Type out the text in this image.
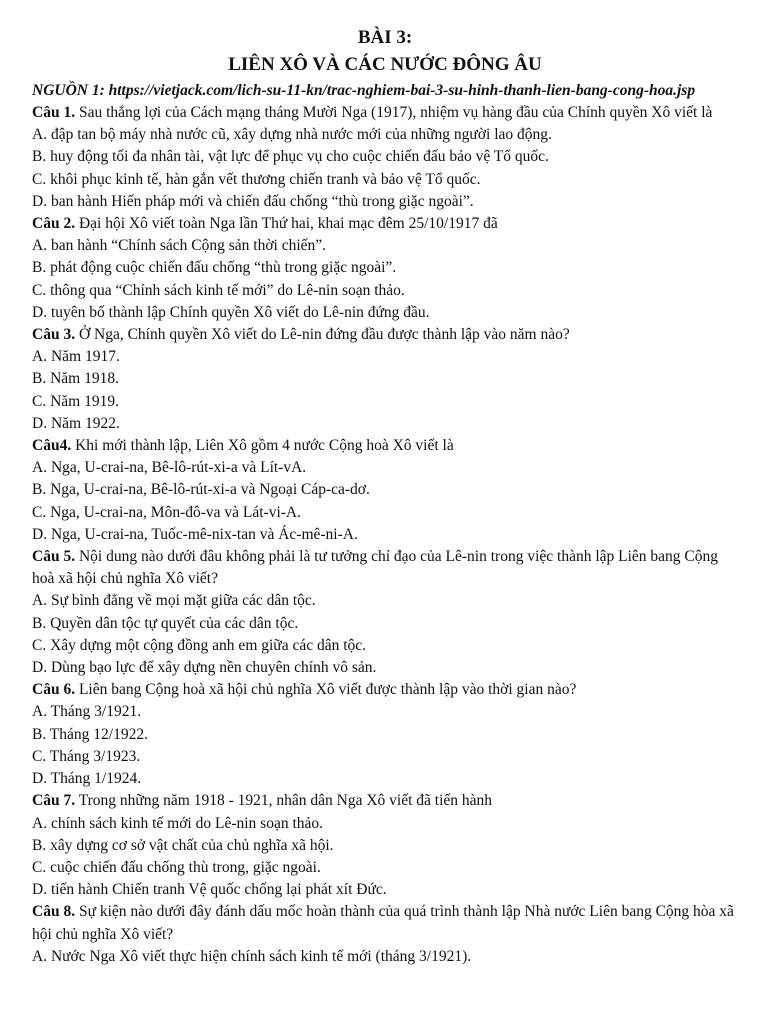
BÀI 3:
LIÊN XÔ VÀ CÁC NƯỚC ĐÔNG ÂU
NGUỒN 1: https://vietjack.com/lich-su-11-kn/trac-nghiem-bai-3-su-hinh-thanh-lien-bang-cong-hoa.jsp
Câu 1. Sau thắng lợi của Cách mạng tháng Mười Nga (1917), nhiệm vụ hàng đầu của Chính quyền Xô viết là
A. đập tan bộ máy nhà nước cũ, xây dựng nhà nước mới của những người lao động.
B. huy động tối đa nhân tài, vật lực để phục vụ cho cuộc chiến đấu bảo vệ Tổ quốc.
C. khôi phục kinh tế, hàn gắn vết thương chiến tranh và bảo vệ Tổ quốc.
D. ban hành Hiến pháp mới và chiến đấu chống “thù trong giặc ngoài”.
Câu 2. Đại hội Xô viết toàn Nga lần Thứ hai, khai mạc đêm 25/10/1917 đã
A. ban hành “Chính sách Cộng sản thời chiến”.
B. phát động cuộc chiến đấu chống “thù trong giặc ngoài”.
C. thông qua “Chính sách kinh tế mới” do Lê-nin soạn thảo.
D. tuyên bố thành lập Chính quyền Xô viết do Lê-nin đứng đầu.
Câu 3. Ở Nga, Chính quyền Xô viết do Lê-nin đứng đầu được thành lập vào năm nào?
A. Năm 1917.
B. Năm 1918.
C. Năm 1919.
D. Năm 1922.
Câu4. Khi mới thành lập, Liên Xô gồm 4 nước Cộng hoà Xô viết là
A. Nga, U-crai-na, Bê-lô-rút-xi-a và Lít-vA.
B. Nga, U-crai-na, Bê-lô-rút-xi-a và Ngoại Cáp-ca-dơ.
C. Nga, U-crai-na, Môn-đô-va và Lát-vi-A.
D. Nga, U-crai-na, Tuốc-mê-nix-tan và Ác-mê-ni-A.
Câu 5. Nội dung nào dưới đâu không phải là tư tưởng chỉ đạo của Lê-nin trong việc thành lập Liên bang Cộng hoà xã hội chủ nghĩa Xô viết?
A. Sự bình đẳng về mọi mặt giữa các dân tộc.
B. Quyền dân tộc tự quyết của các dân tộc.
C. Xây dựng một cộng đồng anh em giữa các dân tộc.
D. Dùng bạo lực để xây dựng nền chuyên chính vô sản.
Câu 6. Liên bang Cộng hoà xã hội chủ nghĩa Xô viết được thành lập vào thời gian nào?
A. Tháng 3/1921.
B. Tháng 12/1922.
C. Tháng 3/1923.
D. Tháng 1/1924.
Câu 7. Trong những năm 1918 - 1921, nhân dân Nga Xô viết đã tiến hành
A. chính sách kinh tế mới do Lê-nin soạn thảo.
B. xây dựng cơ sở vật chất của chủ nghĩa xã hội.
C. cuộc chiến đấu chống thù trong, giặc ngoài.
D. tiến hành Chiến tranh Vệ quốc chống lại phát xít Đức.
Câu 8. Sự kiện nào dưới đây đánh dấu mốc hoàn thành của quá trình thành lập Nhà nước Liên bang Cộng hòa xã hội chủ nghĩa Xô viết?
A. Nước Nga Xô viết thực hiện chính sách kinh tế mới (tháng 3/1921).
